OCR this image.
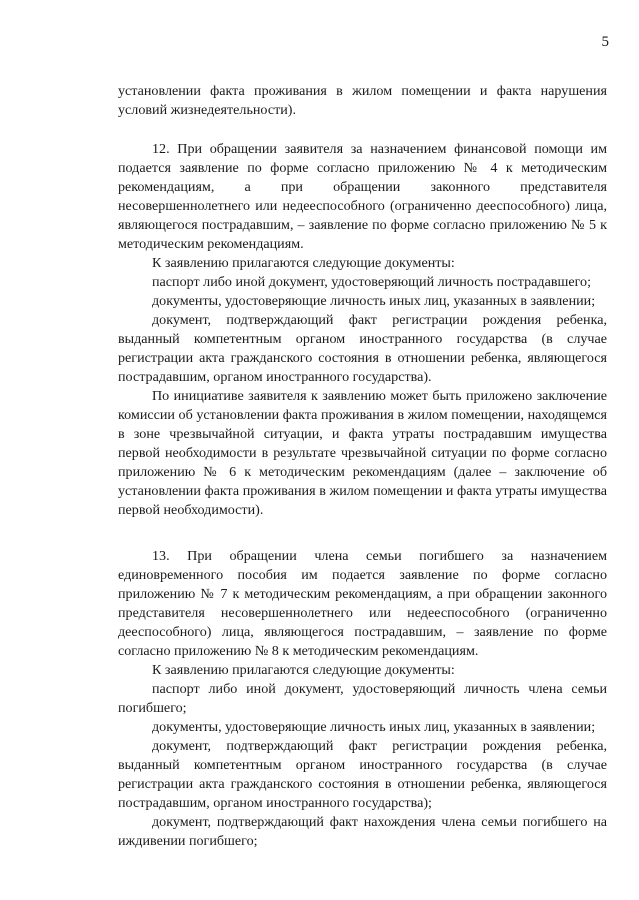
5

установлении факта проживания в жилом помещении и факта нарушения условий жизнедеятельности).

12. При обращении заявителя за назначением финансовой помощи им подается заявление по форме согласно приложению № 4 к методическим рекомендациям, а при обращении законного представителя несовершеннолетнего или недееспособного (ограниченно дееспособного) лица, являющегося пострадавшим, – заявление по форме согласно приложению № 5 к методическим рекомендациям.

К заявлению прилагаются следующие документы:

паспорт либо иной документ, удостоверяющий личность пострадавшего;

документы, удостоверяющие личность иных лиц, указанных в заявлении;

документ, подтверждающий факт регистрации рождения ребенка, выданный компетентным органом иностранного государства (в случае регистрации акта гражданского состояния в отношении ребенка, являющегося пострадавшим, органом иностранного государства).

По инициативе заявителя к заявлению может быть приложено заключение комиссии об установлении факта проживания в жилом помещении, находящемся в зоне чрезвычайной ситуации, и факта утраты пострадавшим имущества первой необходимости в результате чрезвычайной ситуации по форме согласно приложению № 6 к методическим рекомендациям (далее – заключение об установлении факта проживания в жилом помещении и факта утраты имущества первой необходимости).

13. При обращении члена семьи погибшего за назначением единовременного пособия им подается заявление по форме согласно приложению № 7 к методическим рекомендациям, а при обращении законного представителя несовершеннолетнего или недееспособного (ограниченно дееспособного) лица, являющегося пострадавшим, – заявление по форме согласно приложению № 8 к методическим рекомендациям.

К заявлению прилагаются следующие документы:

паспорт либо иной документ, удостоверяющий личность члена семьи погибшего;

документы, удостоверяющие личность иных лиц, указанных в заявлении;

документ, подтверждающий факт регистрации рождения ребенка, выданный компетентным органом иностранного государства (в случае регистрации акта гражданского состояния в отношении ребенка, являющегося пострадавшим, органом иностранного государства);

документ, подтверждающий факт нахождения члена семьи погибшего на иждивении погибшего;
